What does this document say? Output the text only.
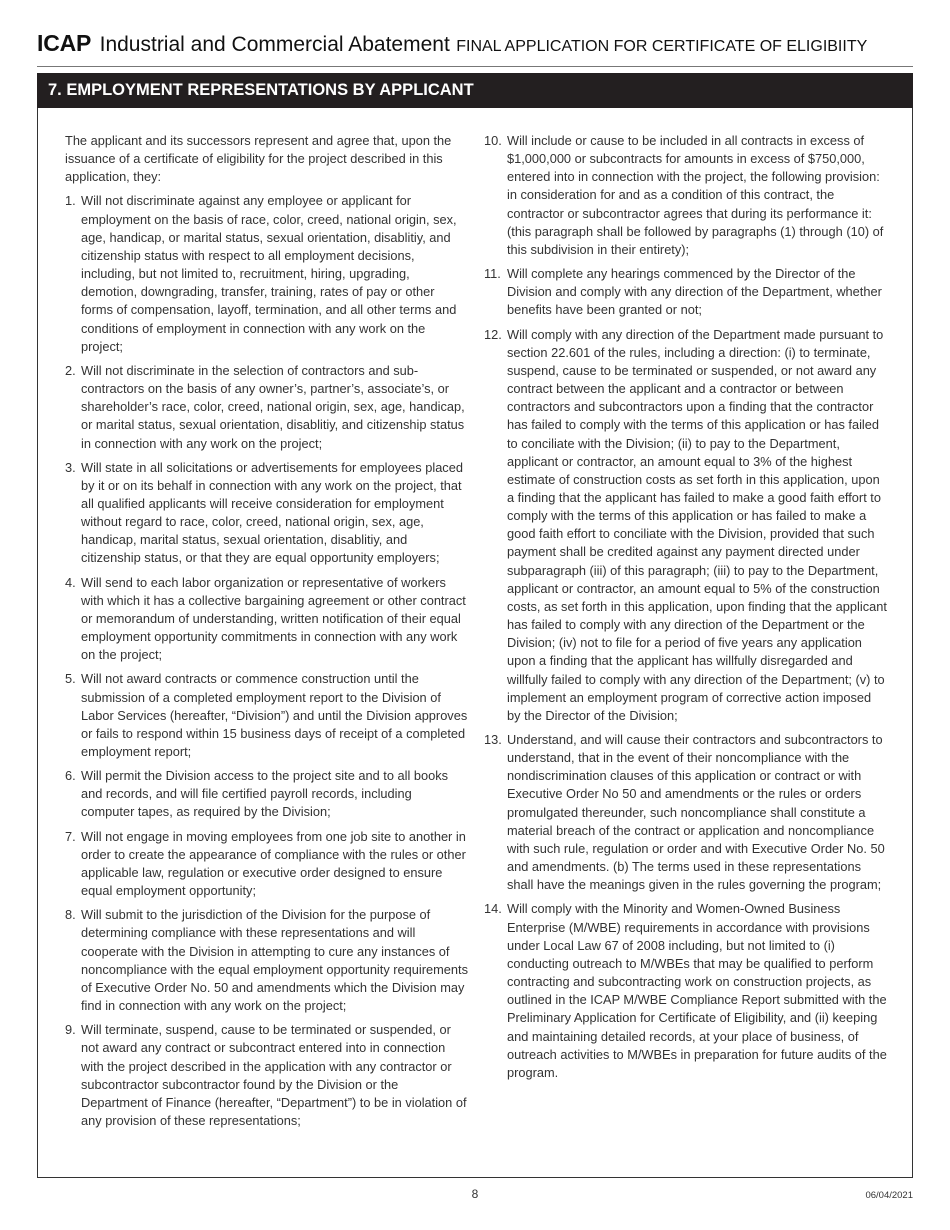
ICAP Industrial and Commercial Abatement FINAL APPLICATION FOR CERTIFICATE OF ELIGIBIITY
7. EMPLOYMENT REPRESENTATIONS BY APPLICANT

The applicant and its successors represent and agree that, upon the issuance of a certificate of eligibility for the project described in this application, they:

1. Will not discriminate against any employee or applicant for employment on the basis of race, color, creed, national origin, sex, age, handicap, or marital status, sexual orientation, disablitiy, and citizenship status with respect to all employment decisions, including, but not limited to, recruitment, hiring, upgrading, demotion, downgrading, transfer, training, rates of pay or other forms of compensation, layoff, termination, and all other terms and conditions of employment in connection with any work on the project;
2. Will not discriminate in the selection of contractors and sub-contractors on the basis of any owner’s, partner’s, associate’s, or shareholder’s race, color, creed, national origin, sex, age, handicap, or marital status, sexual orientation, disablitiy, and citizenship status in connection with any work on the project;
3. Will state in all solicitations or advertisements for employees placed by it or on its behalf in connection with any work on the project, that all qualified applicants will receive consideration for employment without regard to race, color, creed, national origin, sex, age, handicap, marital status, sexual orientation, disablitiy, and citizenship status, or that they are equal opportunity employers;
4. Will send to each labor organization or representative of workers with which it has a collective bargaining agreement or other contract or memorandum of understanding, written notification of their equal employment opportunity commitments in connection with any work on the project;
5. Will not award contracts or commence construction until the submission of a completed employment report to the Division of Labor Services (hereafter, “Division”) and until the Division approves or fails to respond within 15 business days of receipt of a completed employment report;
6. Will permit the Division access to the project site and to all books and records, and will file certified payroll records, including computer tapes, as required by the Division;
7. Will not engage in moving employees from one job site to another in order to create the appearance of compliance with the rules or other applicable law, regulation or executive order designed to ensure equal employment opportunity;
8. Will submit to the jurisdiction of the Division for the purpose of determining compliance with these representations and will cooperate with the Division in attempting to cure any instances of noncompliance with the equal employment opportunity requirements of Executive Order No. 50 and amendments which the Division may find in connection with any work on the project;
9. Will terminate, suspend, cause to be terminated or suspended, or not award any contract or subcontract entered into in connection with the project described in the application with any contractor or subcontractor subcontractor found by the Division or the Department of Finance (hereafter, “Department”) to be in violation of any provision of these representations;
10. Will include or cause to be included in all contracts in excess of $1,000,000 or subcontracts for amounts in excess of $750,000, entered into in connection with the project, the following provision: in consideration for and as a condition of this contract, the contractor or subcontractor agrees that during its performance it: (this paragraph shall be followed by paragraphs (1) through (10) of this subdivision in their entirety);
11. Will complete any hearings commenced by the Director of the Division and comply with any direction of the Department, whether benefits have been granted or not;
12. Will comply with any direction of the Department made pursuant to section 22.601 of the rules, including a direction: (i) to terminate, suspend, cause to be terminated or suspended, or not award any contract between the applicant and a contractor or between contractors and subcontractors upon a finding that the contractor has failed to comply with the terms of this application or has failed to conciliate with the Division; (ii) to pay to the Department, applicant or contractor, an amount equal to 3% of the highest estimate of construction costs as set forth in this application, upon a finding that the applicant has failed to make a good faith effort to comply with the terms of this application or has failed to make a good faith effort to conciliate with the Division, provided that such payment shall be credited against any payment directed under subparagraph (iii) of this paragraph; (iii) to pay to the Department, applicant or contractor, an amount equal to 5% of the construction costs, as set forth in this application, upon finding that the applicant has failed to comply with any direction of the Department or the Division; (iv) not to file for a period of five years any application upon a finding that the applicant has willfully disregarded and willfully failed to comply with any direction of the Department; (v) to implement an employment program of corrective action imposed by the Director of the Division;
13. Understand, and will cause their contractors and subcontractors to understand, that in the event of their noncompliance with the nondiscrimination clauses of this application or contract or with Executive Order No 50 and amendments or the rules or orders promulgated thereunder, such noncompliance shall constitute a material breach of the contract or application and noncompliance with such rule, regulation or order and with Executive Order No. 50 and amendments. (b) The terms used in these representations shall have the meanings given in the rules governing the program;
14. Will comply with the Minority and Women-Owned Business Enterprise (M/WBE) requirements in accordance with provisions under Local Law 67 of 2008 including, but not limited to (i) conducting outreach to M/WBEs that may be qualified to perform contracting and subcontracting work on construction projects, as outlined in the ICAP M/WBE Compliance Report submitted with the Preliminary Application for Certificate of Eligibility, and (ii) keeping and maintaining detailed records, at your place of business, of outreach activities to M/WBEs in preparation for future audits of the program.
8	06/04/2021
